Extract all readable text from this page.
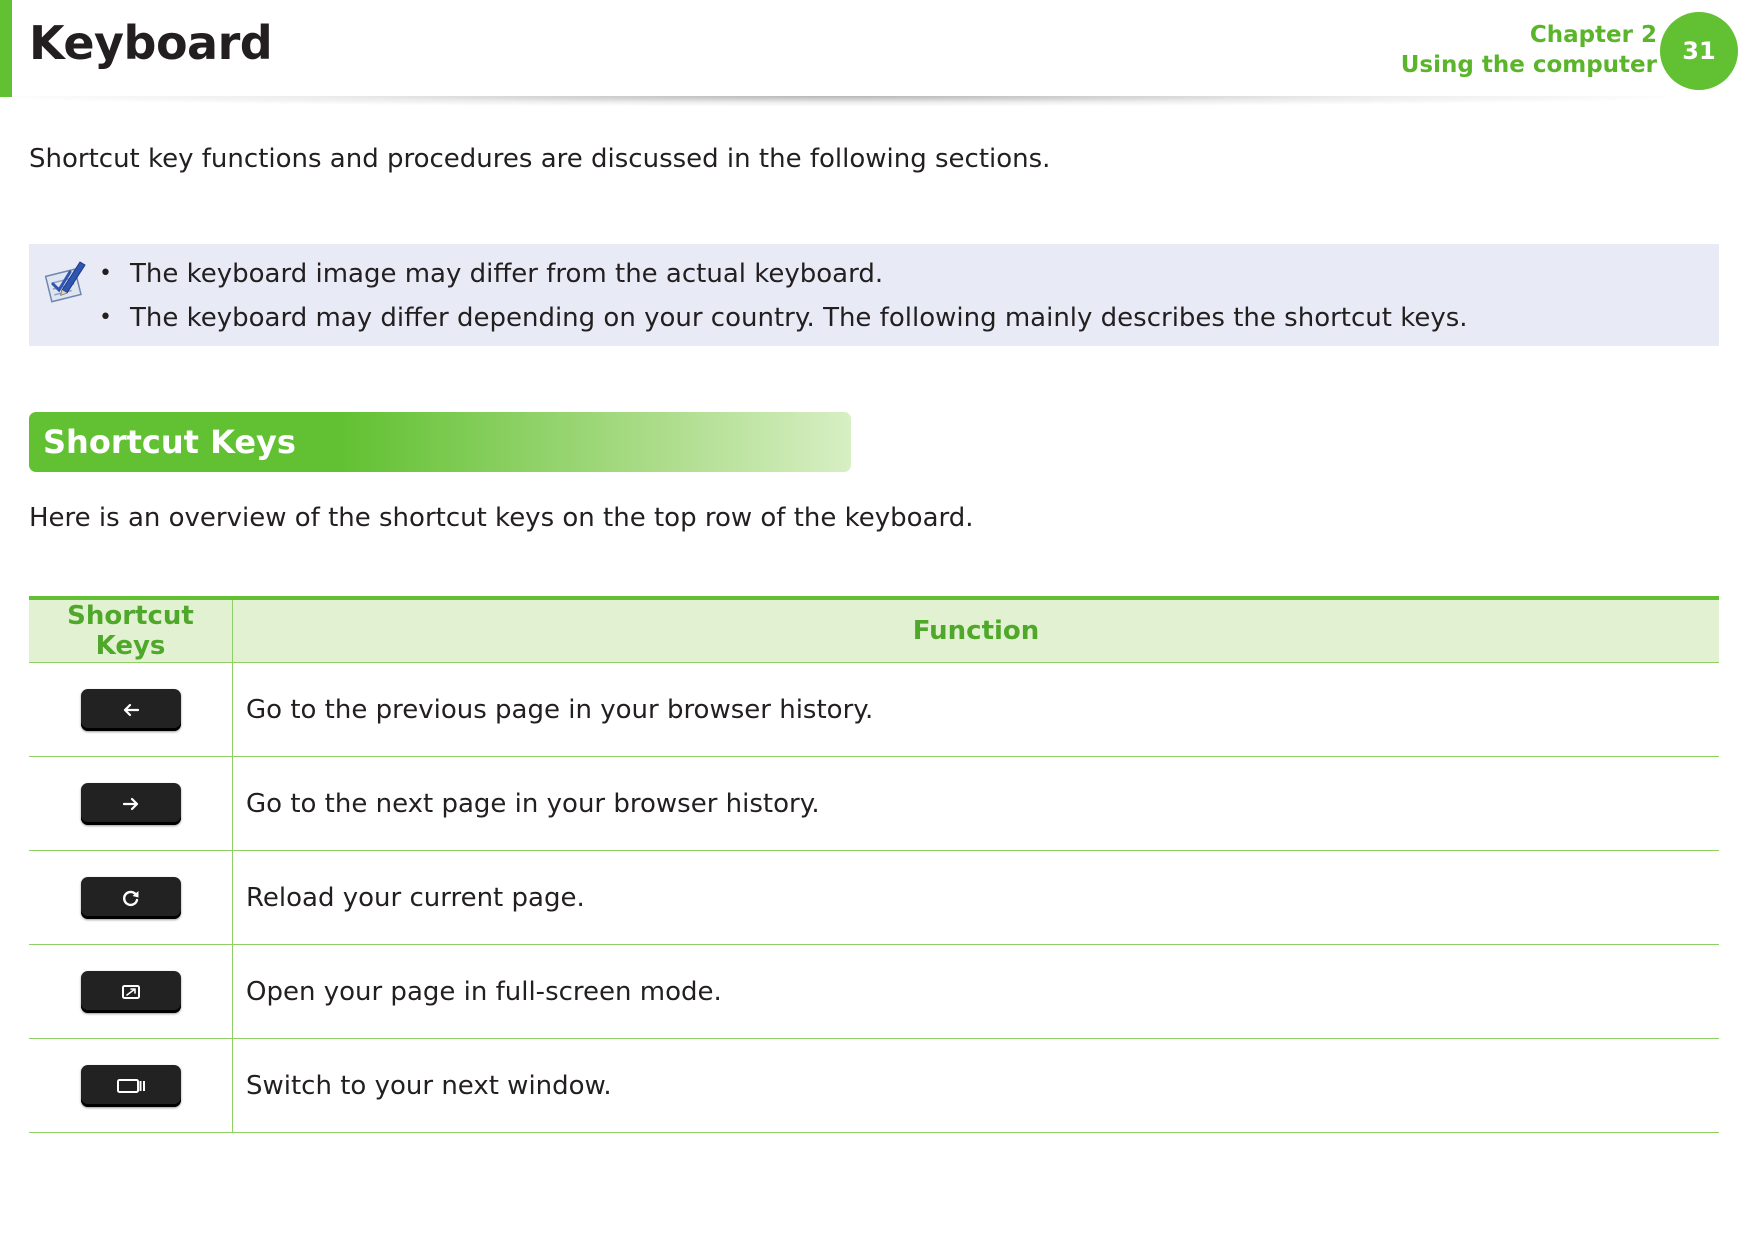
Keyboard	Chapter 2
Using the computer	31
Shortcut key functions and procedures are discussed in the following sections.
• The keyboard image may differ from the actual keyboard.
• The keyboard may differ depending on your country. The following mainly describes the shortcut keys.
Shortcut Keys
Here is an overview of the shortcut keys on the top row of the keyboard.
Shortcut Keys	Function

	Go to the previous page in your browser history.

	Go to the next page in your browser history.

	Reload your current page.

	Open your page in full-screen mode.

	Switch to your next window.
